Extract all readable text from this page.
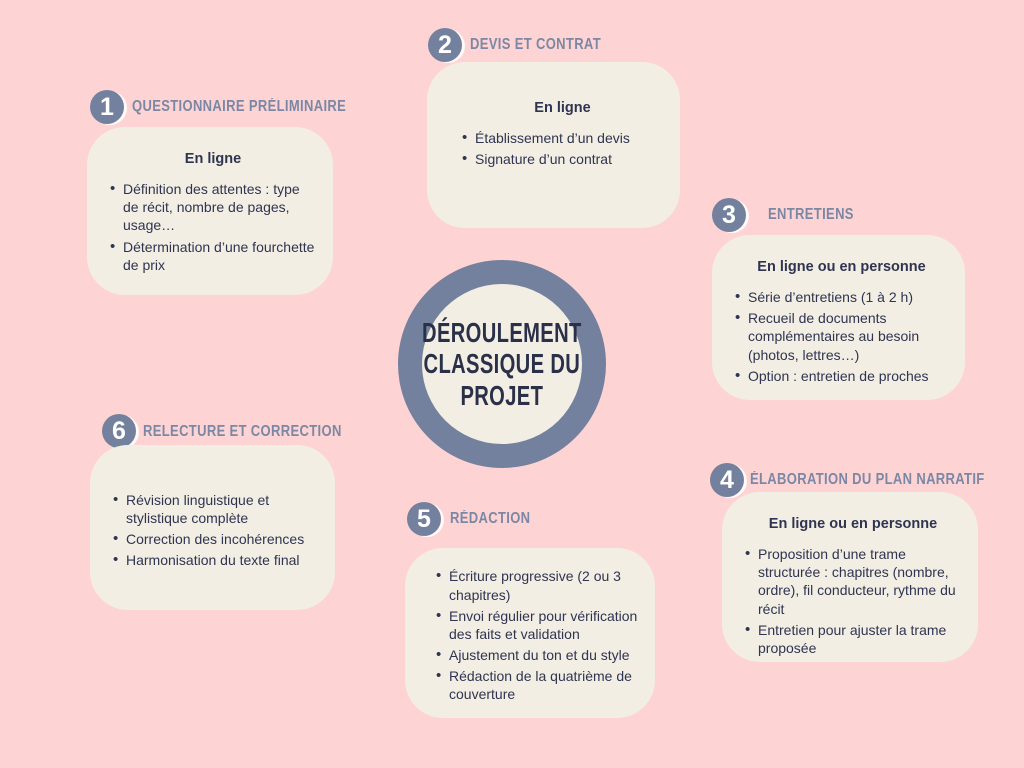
1	QUESTIONNAIRE PRÉLIMINAIRE
En ligne
• Définition des attentes : type de récit, nombre de pages, usage…
• Détermination d’une fourchette de prix
2	DEVIS ET CONTRAT
En ligne
• Établissement d’un devis
• Signature d’un contrat
3	ENTRETIENS
En ligne ou en personne
• Série d’entretiens (1 à 2 h)
• Recueil de documents complémentaires au besoin (photos, lettres…)
• Option : entretien de proches
4	ÉLABORATION DU PLAN NARRATIF
En ligne ou en personne
• Proposition d’une trame structurée : chapitres (nombre, ordre), fil conducteur, rythme du récit
• Entretien pour ajuster la trame proposée
5	RÉDACTION
• Écriture progressive (2 ou 3 chapitres)
• Envoi régulier pour vérification des faits et validation
• Ajustement du ton et du style
• Rédaction de la quatrième de couverture
6	RELECTURE ET CORRECTION
• Révision linguistique et stylistique complète
• Correction des incohérences
• Harmonisation du texte final
DÉROULEMENT
CLASSIQUE DU
PROJET
